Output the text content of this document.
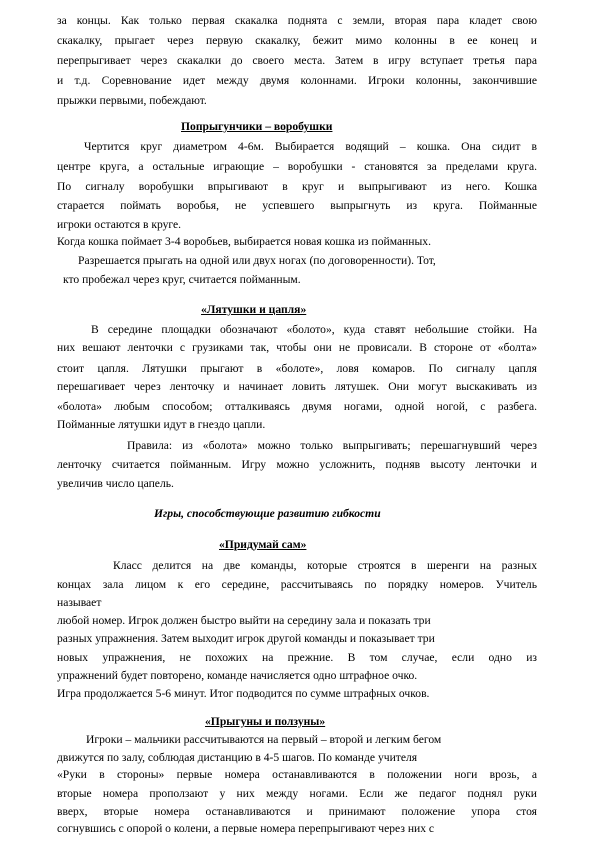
за концы. Как только первая скакалка поднята с земли, вторая пара кладет свою
скакалку, прыгает через первую скакалку, бежит мимо колонны в ее конец и
перепрыгивает через скакалки до своего места. Затем в игру вступает третья пара
и т.д. Соревнование идет между двумя колоннами. Игроки колонны, закончившие
прыжки первыми, побеждают.
Попрыгунчики – воробушки
Чертится круг диаметром 4-6м. Выбирается водящий – кошка. Она сидит в
центре круга, а остальные играющие – воробушки - становятся за пределами круга.
По сигналу воробушки впрыгивают в круг и выпрыгивают из него. Кошка
старается поймать воробья, не успевшего выпрыгнуть из круга. Пойманные
игроки остаются в круге.
Когда кошка поймает 3-4 воробьев, выбирается новая кошка из пойманных.
Разрешается прыгать на одной или двух ногах (по договоренности). Тот,
кто пробежал через круг, считается пойманным.
«Лятушки и цапля»
В середине площадки обозначают «болото», куда ставят небольшие стойки. На
них вешают ленточки с грузиками так, чтобы они не провисали. В стороне от «болта»
стоит цапля. Лятушки прыгают в «болоте», ловя комаров. По сигналу цапля
перешагивает через ленточку и начинает ловить лятушек. Они могут выскакивать из
«болота» любым способом; отталкиваясь двумя ногами, одной ногой, с разбега.
Пойманные лятушки идут в гнездо цапли.
Правила: из «болота» можно только выпрыгивать; перешагнувший через
ленточку считается пойманным. Игру можно усложнить, подняв высоту ленточки и
увеличив число цапель.
Игры, способствующие развитию гибкости
«Придумай сам»
Класс делится на две команды, которые строятся в шеренги на разных
концах зала лицом к его середине, рассчитываясь по порядку номеров. Учитель
называет
любой номер. Игрок должен быстро выйти на середину зала и показать три
разных упражнения. Затем выходит игрок другой команды и показывает три
новых упражнения, не похожих на прежние. В том случае, если одно из
упражнений будет повторено, команде начисляется одно штрафное очко.
Игра продолжается 5-6 минут. Итог подводится по сумме штрафных очков.
«Прыгуны и ползуны»
Игроки – мальчики рассчитываются на первый – второй и легким бегом
движутся по залу, соблюдая дистанцию в 4-5 шагов. По команде учителя
«Руки в стороны» первые номера останавливаются в положении ноги врозь, а
вторые номера проползают у них между ногами. Если же педагог поднял руки
вверх, вторые номера останавливаются и принимают положение упора стоя
согнувшись с опорой о колени, а первые номера перепрыгивают через них с
